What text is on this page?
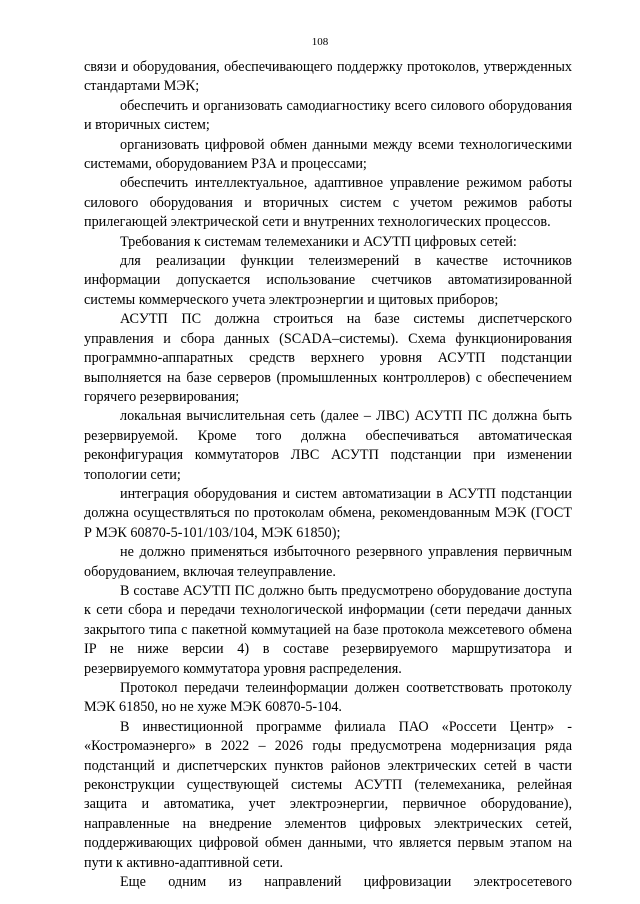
108

связи и оборудования, обеспечивающего поддержку протоколов, утвержденных стандартами МЭК;

обеспечить и организовать самодиагностику всего силового оборудования и вторичных систем;

организовать цифровой обмен данными между всеми технологическими системами, оборудованием РЗА и процессами;

обеспечить интеллектуальное, адаптивное управление режимом работы силового оборудования и вторичных систем с учетом режимов работы прилегающей электрической сети и внутренних технологических процессов.

Требования к системам телемеханики и АСУТП цифровых сетей:

для реализации функции телеизмерений в качестве источников информации допускается использование счетчиков автоматизированной системы коммерческого учета электроэнергии и щитовых приборов;

АСУТП ПС должна строиться на базе системы диспетчерского управления и сбора данных (SCADA–системы). Схема функционирования программно-аппаратных средств верхнего уровня АСУТП подстанции выполняется на базе серверов (промышленных контроллеров) с обеспечением горячего резервирования;

локальная вычислительная сеть (далее – ЛВС) АСУТП ПС должна быть резервируемой. Кроме того должна обеспечиваться автоматическая реконфигурация коммутаторов ЛВС АСУТП подстанции при изменении топологии сети;

интеграция оборудования и систем автоматизации в АСУТП подстанции должна осуществляться по протоколам обмена, рекомендованным МЭК (ГОСТ Р МЭК 60870-5-101/103/104, МЭК 61850);

не должно применяться избыточного резервного управления первичным оборудованием, включая телеуправление.

В составе АСУТП ПС должно быть предусмотрено оборудование доступа к сети сбора и передачи технологической информации (сети передачи данных закрытого типа с пакетной коммутацией на базе протокола межсетевого обмена IP не ниже версии 4) в составе резервируемого маршрутизатора и резервируемого коммутатора уровня распределения.

Протокол передачи телеинформации должен соответствовать протоколу МЭК 61850, но не хуже МЭК 60870-5-104.

В инвестиционной программе филиала ПАО «Россети Центр» - «Костромаэнерго» в 2022 – 2026 годы предусмотрена модернизация ряда подстанций и диспетчерских пунктов районов электрических сетей в части реконструкции существующей системы АСУТП (телемеханика, релейная защита и автоматика, учет электроэнергии, первичное оборудование), направленные на внедрение элементов цифровых электрических сетей, поддерживающих цифровой обмен данными, что является первым этапом на пути к активно-адаптивной сети.

Еще одним из направлений цифровизации электросетевого
